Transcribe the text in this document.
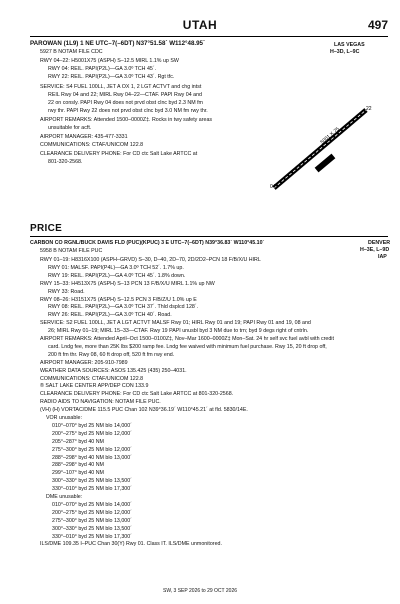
UTAH	497
PAROWAN (1L9) 1 NE UTC–7(–6DT) N37°51.58´ W112°48.95´
5927 B NOTAM FILE CDC
LAS VEGAS
H–3D, L–9C
RWY 04–22: H5001X75 (ASPH) S–12.5 MIRL 1.1% up SW
RWY 04: REIL. PAPI(P2L)—GA 3.0º TCH 45´.
RWY 22: REIL. PAPI(P2L)—GA 3.0º TCH 43´. Rgt tfc.
SERVICE: S4 FUEL 100LL, JET A OX 1, 2 LGT ACTVT and chg intst
REIL Rwy 04 and 22; MIRL Rwy 04–22—CTAF. PAPI Rwy 04 and
22 on consly. PAPI Rwy 04 does not prvd obst clnc byd 2.3 NM fm
rwy thr. PAPI Rwy 22 does not prvd obst clnc byd 3.0 NM fm rwy thr.
AIRPORT REMARKS: Attended 1500–0000Z‡. Rocks in twy safety areas
unsuitable for acft.
AIRPORT MANAGER: 435-477-3331
COMMUNICATIONS: CTAF/UNICOM 122.8
CLEARANCE DELIVERY PHONE: For CD ctc Salt Lake ARTCC at
801-320-2568.
5001 X 75
04
22
PRICE
CARBON CO RGNL/BUCK DAVIS FLD (PUC)(KPUC) 3 E UTC–7(–6DT) N39°36.83´ W110°45.10´
5958 B NOTAM FILE PUC
DENVER
H–3E, L–9D
IAP
RWY 01–19: H8316X100 (ASPH–GRVD) S–30, D–40, 2D–70, 2D/2D2–PCN 18 F/B/X/U HIRL
RWY 01: MALSF. PAPI(P4L)—GA 3.0º TCH 52´. 1.7% up.
RWY 19: REIL. PAPI(P2L)—GA 4.0º TCH 45´. 1.8% down.
RWY 15–33: H4513X75 (ASPH) S–13 PCN 13 F/B/X/U MIRL 1.1% up NW
RWY 33: Road.
RWY 08–26: H3151X75 (ASPH) S–12.5 PCN 3 F/B/Z/U 1.0% up E
RWY 08: REIL. PAPI(P2L)—GA 3.0º TCH 37´. Thld dsplcd 128´.
RWY 26: REIL. PAPI(P2L)—GA 3.0º TCH 40´. Road.
SERVICE: S2 FUEL 100LL, JET A LGT ACTVT MALSF Rwy 01; HIRL Rwy 01 and 19; PAPI Rwy 01 and 19, 08 and
26; MIRL Rwy 01–19; MIRL 15–33—CTAF. Rwy 19 PAPI unusbl byd 3 NM due to trn; byd 9 degs right of cntrln.
AIRPORT REMARKS: Attended April–Oct 1500–0100Z‡, Nov–Mar 1600–0000Z‡ Mon–Sat. 24 hr self svc fuel avbl with credit
card. Lndg fee, more than 25K lbs $200 ramp fee. Lndg fee waived with minimum fuel purchase. Rwy 15, 20 ft drop off,
200 ft fm thr. Rwy 08, 60 ft drop off, 520 ft fm rwy end.
AIRPORT MANAGER: 205-910-7989
WEATHER DATA SOURCES: ASOS 135.425 (435) 250–4031.
COMMUNICATIONS: CTAF/UNICOM 122.8
® SALT LAKE CENTER APP/DEP CON 133.9
CLEARANCE DELIVERY PHONE: For CD ctc Salt Lake ARTCC at 801-320-2568.
RADIO AIDS TO NAVIGATION: NOTAM FILE PUC.
(VH) (H) VORTAC/DME 115.5 PUC Chan 102 N39°36.19´ W110°45.21´ at fld. 5830/14E.
VOR unusable:
010°–070° byd 25 NM blo 14,000´
200°–275° byd 25 NM blo 12,000´
205°–287° byd 40 NM
275°–300° byd 25 NM blo 12,000´
288°–298° byd 40 NM blo 13,000´
288°–298° byd 40 NM
299°–107° byd 40 NM
300°–330° byd 25 NM blo 13,500´
330°–010° byd 25 NM blo 17,300´
DME unusable:
010°–070° byd 25 NM blo 14,000´
200°–275° byd 25 NM blo 12,000´
275°–300° byd 25 NM blo 13,000´
300°–330° byd 25 NM blo 13,500´
330°–010° byd 25 NM blo 17,300´
ILS/DME 109.35 I–PUC Chan 30(Y) Rwy 01. Class IT. ILS/DME unmonitored.
SW, 3 SEP 2026 to 29 OCT 2026
